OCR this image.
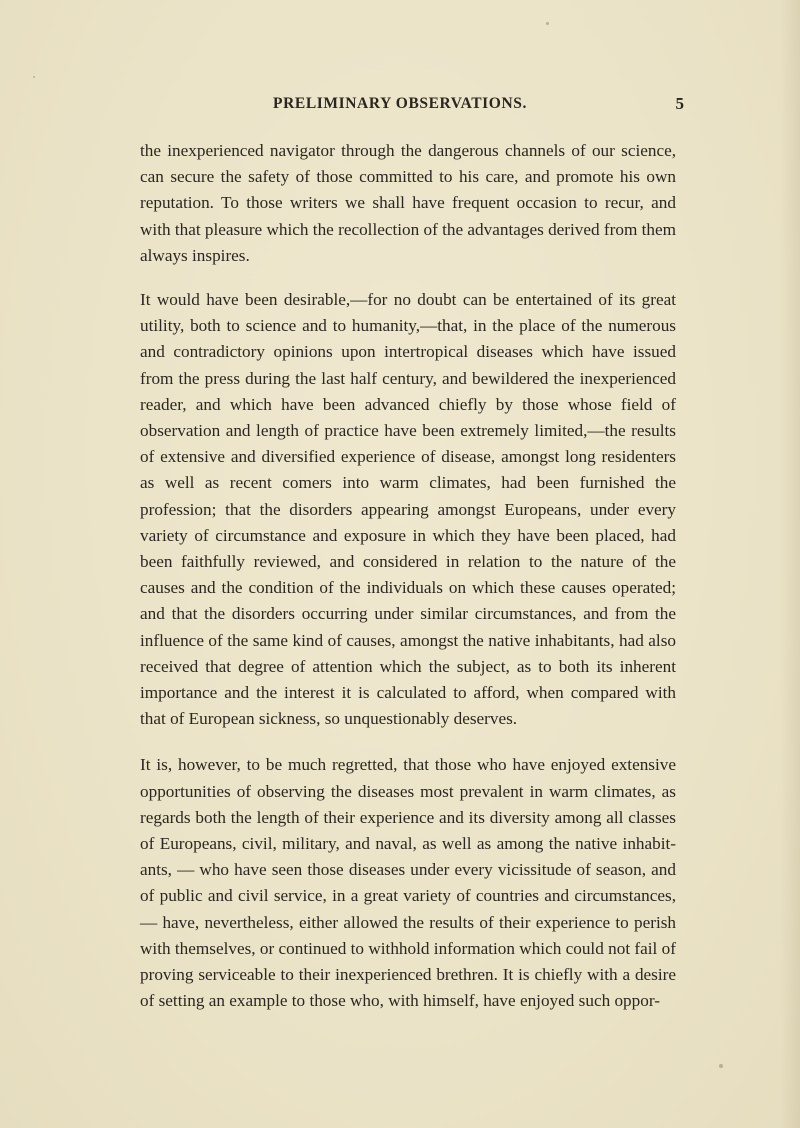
PRELIMINARY OBSERVATIONS.	5

the inexperienced navigator through the dangerous channels of our science, can secure the safety of those committed to his care, and promote his own reputation. To those writers we shall have frequent occasion to recur, and with that pleasure which the recollection of the advantages derived from them always inspires.

It would have been desirable,—for no doubt can be entertained of its great utility, both to science and to humanity,—that, in the place of the numerous and contradictory opinions upon intertropical diseases which have issued from the press during the last half century, and bewildered the inexperienced reader, and which have been advanced chiefly by those whose field of observation and length of practice have been extremely limited,—the results of extensive and diversified experience of disease, amongst long residenters as well as recent comers into warm climates, had been furnished the profession; that the disorders appearing amongst Europeans, under every variety of circumstance and exposure in which they have been placed, had been faithfully reviewed, and considered in relation to the nature of the causes and the condition of the individuals on which these causes operated; and that the disorders occurring under similar circumstances, and from the influence of the same kind of causes, amongst the native inhabitants, had also received that degree of attention which the subject, as to both its inherent importance and the interest it is calculated to afford, when compared with that of European sickness, so unquestionably deserves.

It is, however, to be much regretted, that those who have enjoyed extensive opportunities of observing the diseases most prevalent in warm climates, as regards both the length of their experience and its diversity among all classes of Europeans, civil, military, and naval, as well as among the native inhabit- ants, — who have seen those diseases under every vicissitude of season, and of public and civil service, in a great variety of countries and circumstances,— have, nevertheless, either allowed the results of their experience to perish with themselves, or continued to withhold information which could not fail of proving serviceable to their inexperienced brethren. It is chiefly with a desire of setting an example to those who, with himself, have enjoyed such oppor-
